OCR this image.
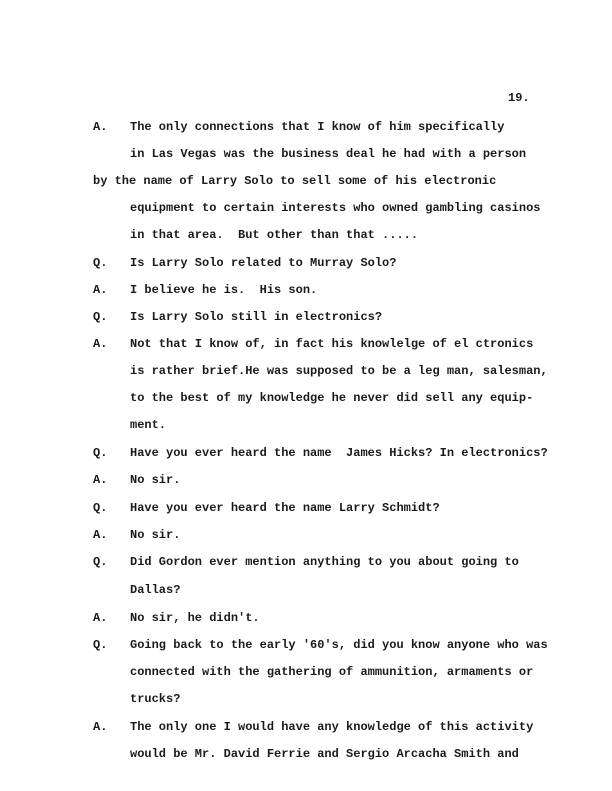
19.
A. The only connections that I know of him specifically
in Las Vegas was the business deal he had with a person
by the name of Larry Solo to sell some of his electronic
equipment to certain interests who owned gambling casinos
in that area.  But other than that .....
Q. Is Larry Solo related to Murray Solo?
A. I believe he is.  His son.
Q. Is Larry Solo still in electronics?
A. Not that I know of, in fact his knowlelge of el ctronics
is rather brief.He was supposed to be a leg man, salesman,
to the best of my knowledge he never did sell any equip-
ment.
Q. Have you ever heard the name  James Hicks? In electronics?
A. No sir.
Q. Have you ever heard the name Larry Schmidt?
A. No sir.
Q. Did Gordon ever mention anything to you about going to
Dallas?
A. No sir, he didn't.
Q. Going back to the early '60's, did you know anyone who was
connected with the gathering of ammunition, armaments or
trucks?
A. The only one I would have any knowledge of this activity
would be Mr. David Ferrie and Sergio Arcacha Smith and
